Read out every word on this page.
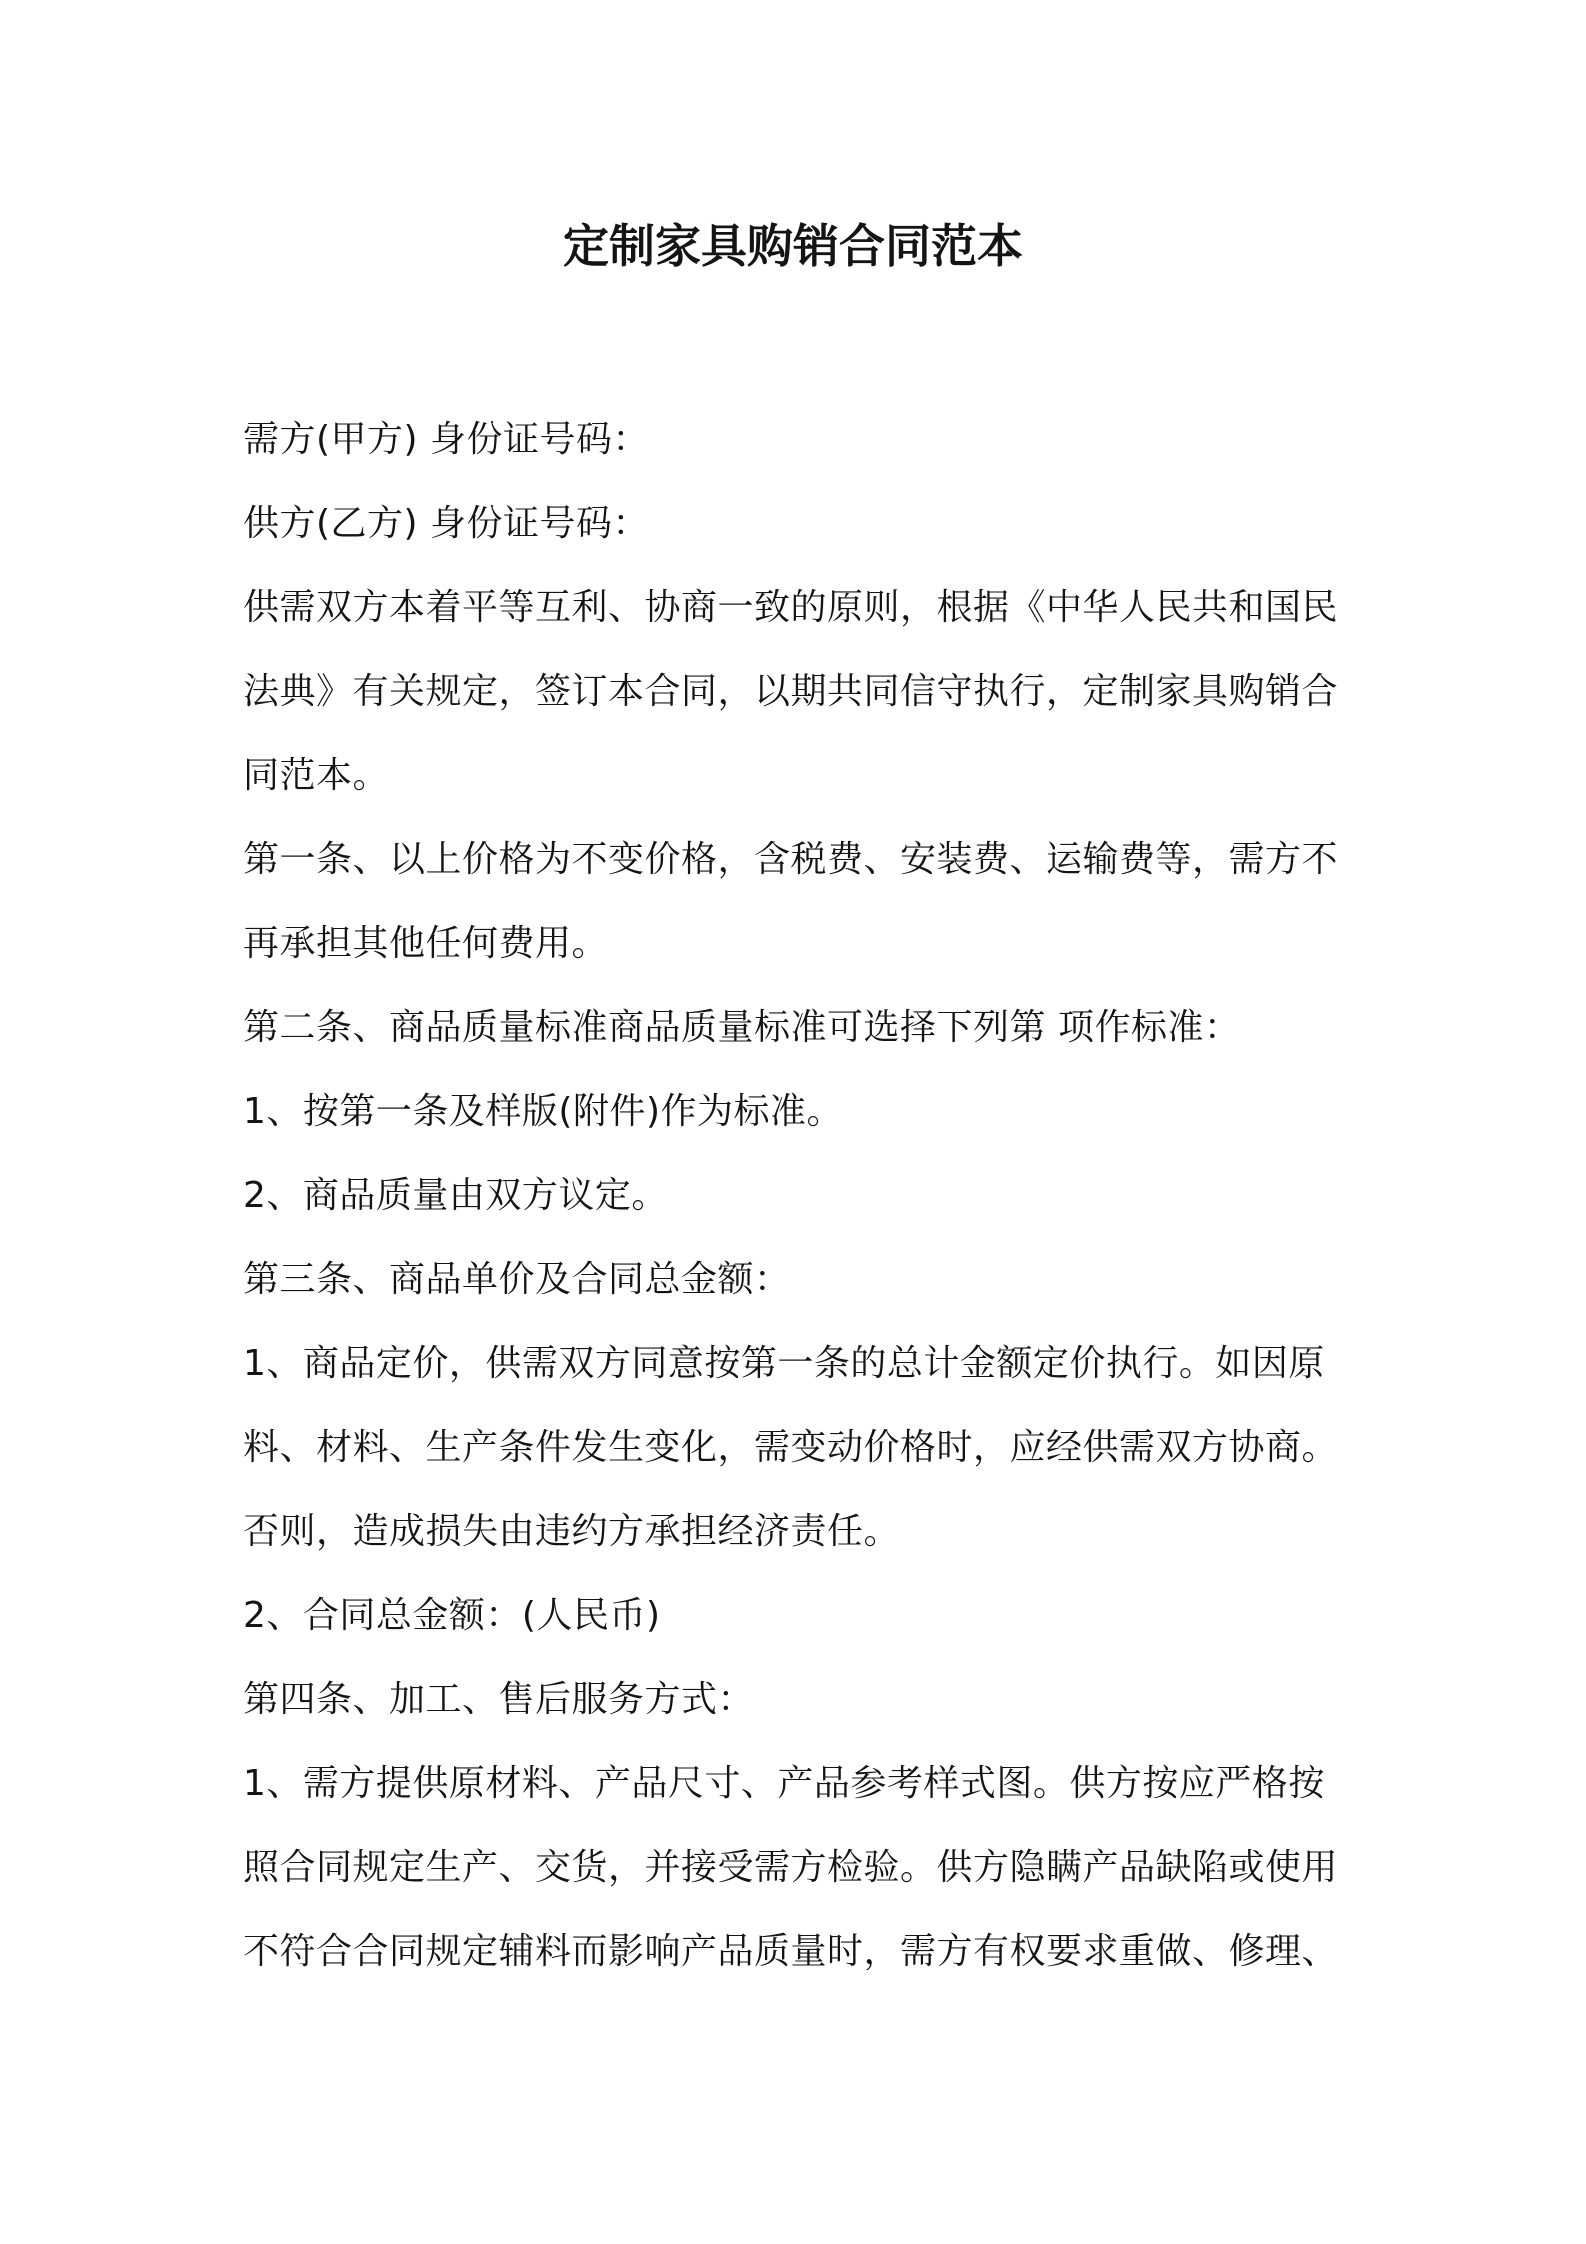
定制家具购销合同范本
需方(甲方) 身份证号码：
供方(乙方) 身份证号码：
供需双方本着平等互利、协商一致的原则，根据《中华人民共和国民
法典》有关规定，签订本合同，以期共同信守执行，定制家具购销合
同范本。
第一条、以上价格为不变价格，含税费、安装费、运输费等，需方不
再承担其他任何费用。
第二条、商品质量标准商品质量标准可选择下列第 项作标准：
1、按第一条及样版(附件)作为标准。
2、商品质量由双方议定。
第三条、商品单价及合同总金额：
1、商品定价，供需双方同意按第一条的总计金额定价执行。如因原
料、材料、生产条件发生变化，需变动价格时，应经供需双方协商。
否则，造成损失由违约方承担经济责任。
2、合同总金额：(人民币)
第四条、加工、售后服务方式：
1、需方提供原材料、产品尺寸、产品参考样式图。供方按应严格按
照合同规定生产、交货，并接受需方检验。供方隐瞒产品缺陷或使用
不符合合同规定辅料而影响产品质量时，需方有权要求重做、修理、
